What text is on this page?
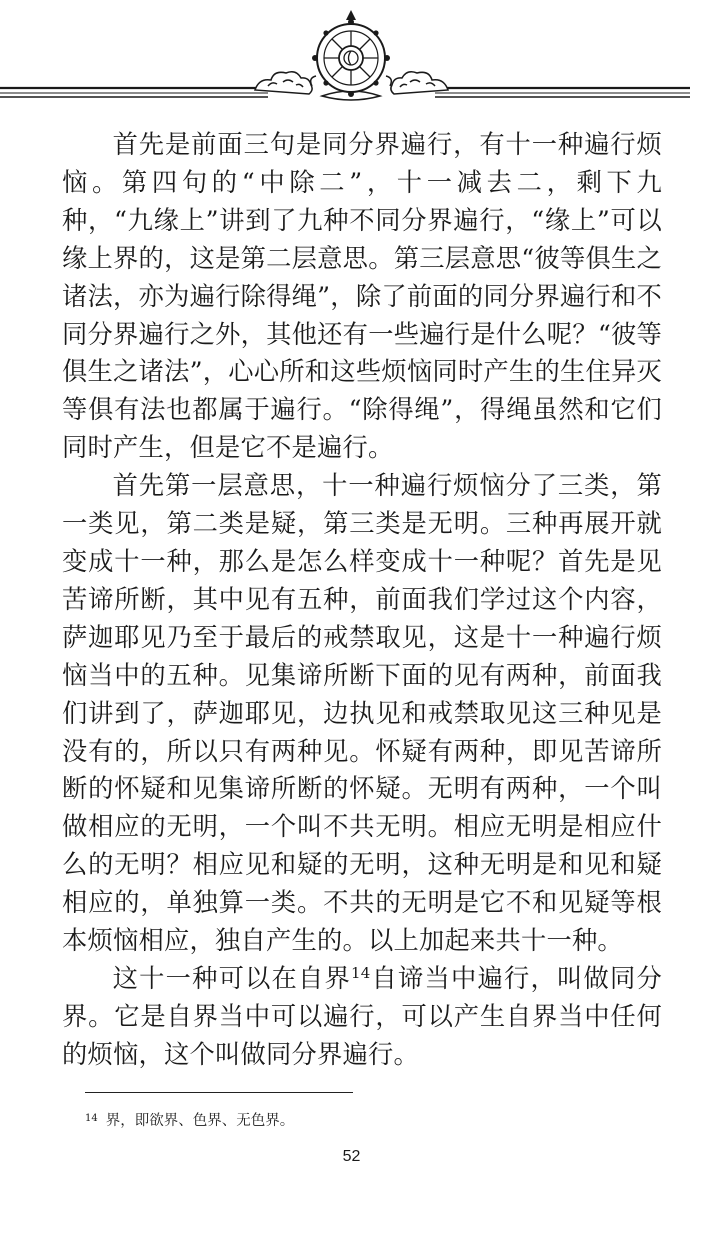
首先是前面三句是同分界遍行，有十一种遍行烦恼。第四句的“中除二”，十一减去二，剩下九种，“九缘上”讲到了九种不同分界遍行，“缘上”可以缘上界的，这是第二层意思。第三层意思“彼等俱生之诸法，亦为遍行除得绳”，除了前面的同分界遍行和不同分界遍行之外，其他还有一些遍行是什么呢？“彼等俱生之诸法”，心心所和这些烦恼同时产生的生住异灭等俱有法也都属于遍行。“除得绳”，得绳虽然和它们同时产生，但是它不是遍行。

首先第一层意思，十一种遍行烦恼分了三类，第一类见，第二类是疑，第三类是无明。三种再展开就变成十一种，那么是怎么样变成十一种呢？首先是见苦谛所断，其中见有五种，前面我们学过这个内容，萨迦耶见乃至于最后的戒禁取见，这是十一种遍行烦恼当中的五种。见集谛所断下面的见有两种，前面我们讲到了，萨迦耶见，边执见和戒禁取见这三种见是没有的，所以只有两种见。怀疑有两种，即见苦谛所断的怀疑和见集谛所断的怀疑。无明有两种，一个叫做相应的无明，一个叫不共无明。相应无明是相应什么的无明？相应见和疑的无明，这种无明是和见和疑相应的，单独算一类。不共的无明是它不和见疑等根本烦恼相应，独自产生的。以上加起来共十一种。

这十一种可以在自界$^{14}$自谛当中遍行，叫做同分界。它是自界当中可以遍行，可以产生自界当中任何的烦恼，这个叫做同分界遍行。

$^{14}$ 界，即欲界、色界、无色界。
52
